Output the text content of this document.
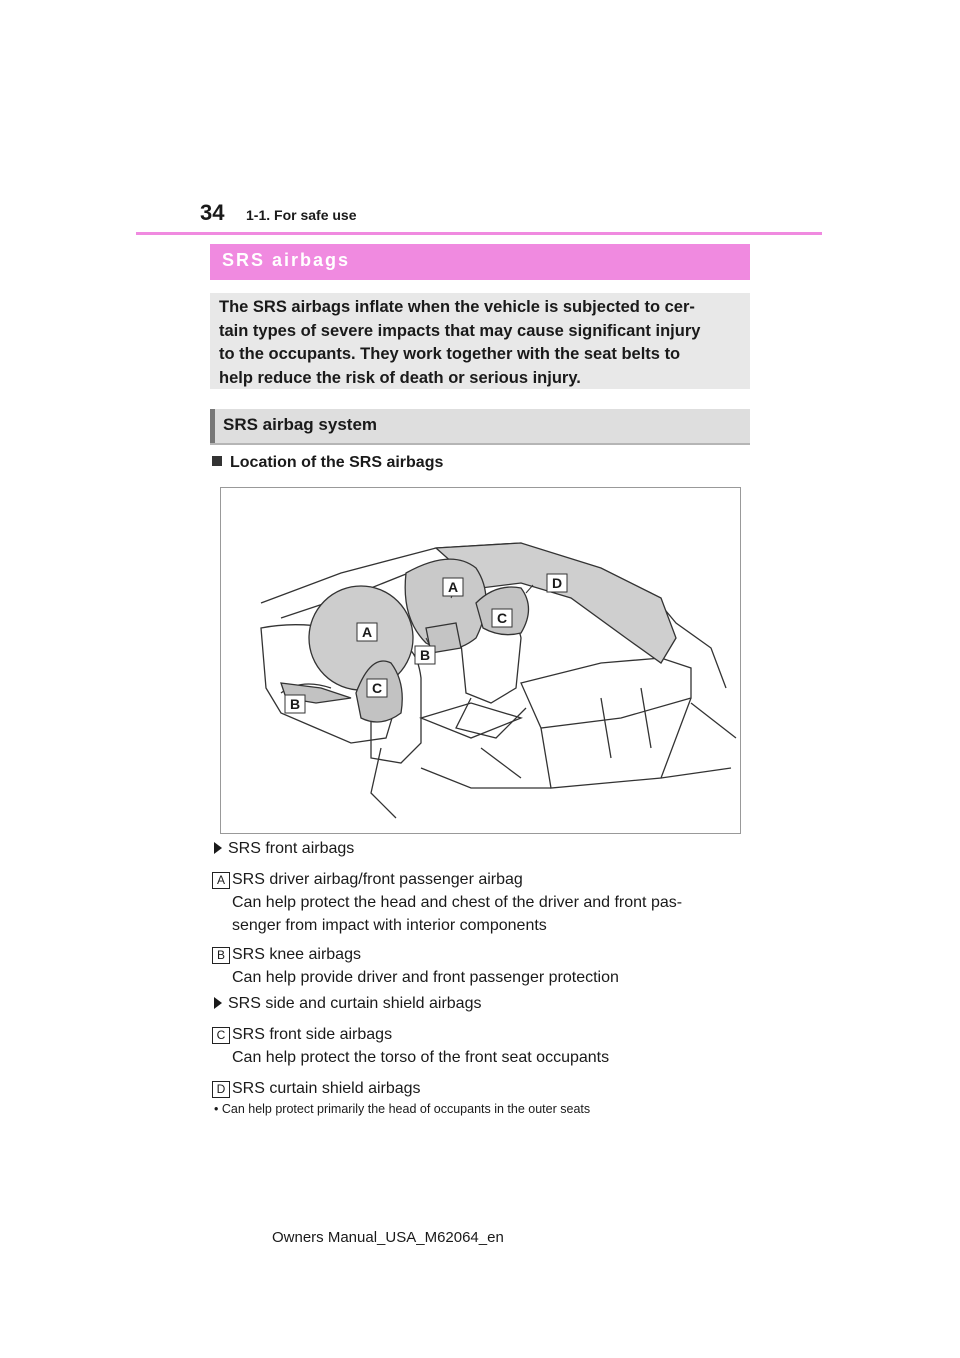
34 1-1. For safe use
SRS airbags

The SRS airbags inflate when the vehicle is subjected to cer-
tain types of severe impacts that may cause significant injury
to the occupants. They work together with the seat belts to
help reduce the risk of death or serious injury.

SRS airbag system
Location of the SRS airbags
A	D
C
A
B
C
B
SRS front airbags
A SRS driver airbag/front passenger airbag
Can help protect the head and chest of the driver and front pas-
senger from impact with interior components
B SRS knee airbags
Can help provide driver and front passenger protection
SRS side and curtain shield airbags
C SRS front side airbags
Can help protect the torso of the front seat occupants
D SRS curtain shield airbags
• Can help protect primarily the head of occupants in the outer seats
Owners Manual_USA_M62064_en
